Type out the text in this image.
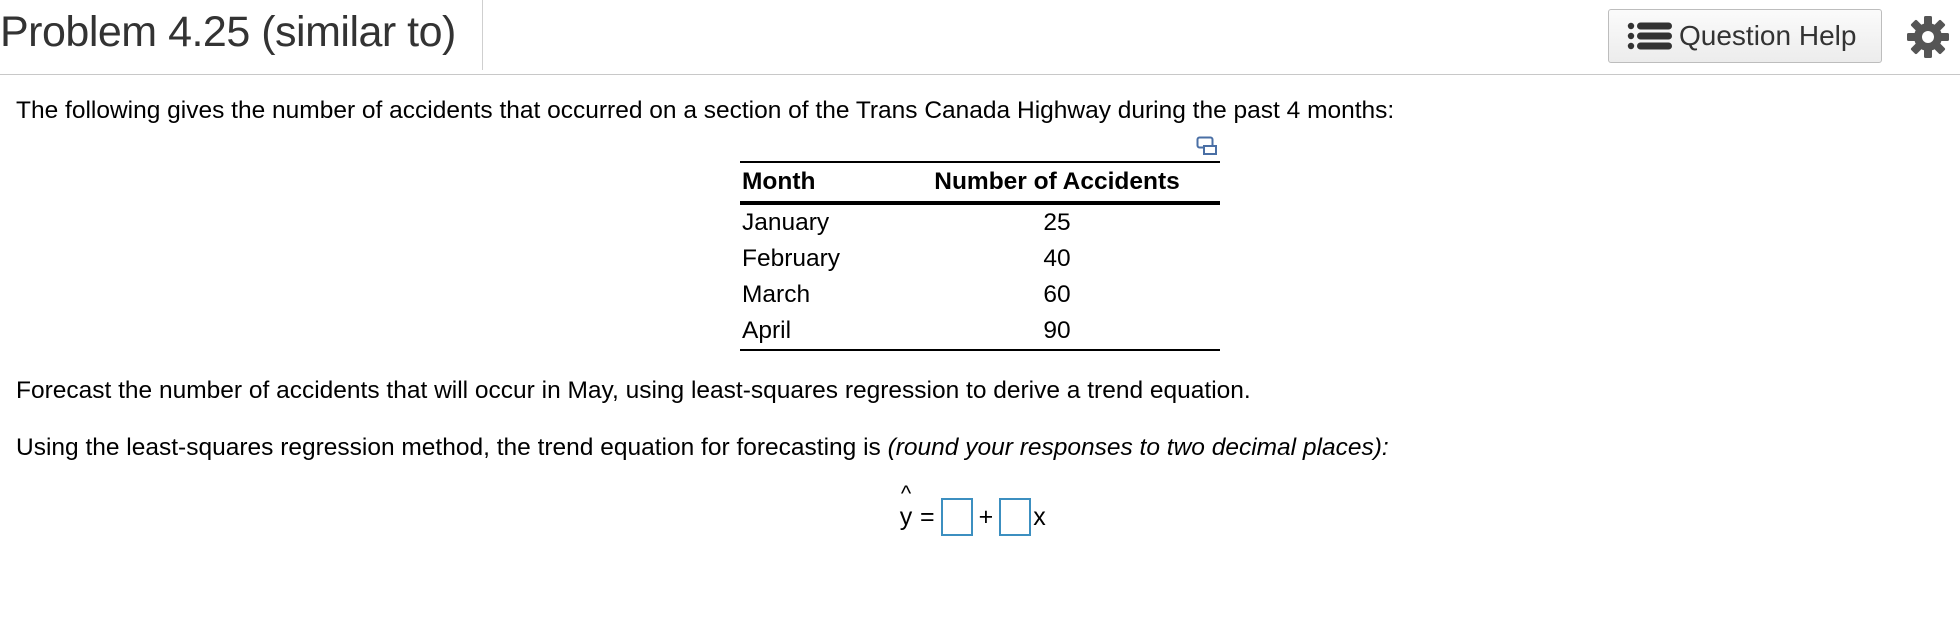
Problem 4.25 (similar to)	Question Help
The following gives the number of accidents that occurred on a section of the Trans Canada Highway during the past 4 months:
Month	Number of Accidents
January	25
February	40
March	60
April	90
Forecast the number of accidents that will occur in May, using least-squares regression to derive a trend equation.
Using the least-squares regression method, the trend equation for forecasting is (round your responses to two decimal places):
^
y = + x
